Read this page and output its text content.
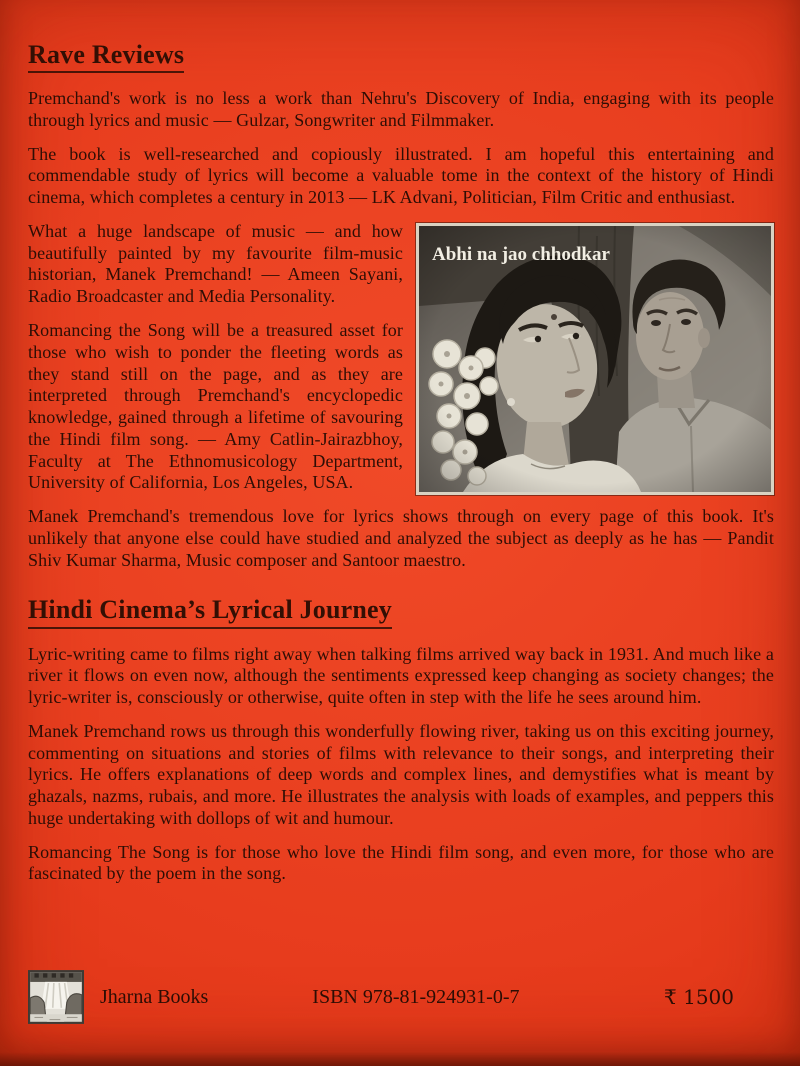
Rave Reviews

Premchand's work is no less a work than Nehru's Discovery of India, engaging with its people through lyrics and music — Gulzar, Songwriter and Filmmaker.

The book is well-researched and copiously illustrated. I am hopeful this entertaining and commendable study of lyrics will become a valuable tome in the context of the history of Hindi cinema, which completes a century in 2013 — LK Advani, Politician, Film Critic and enthusiast.

What a huge landscape of music — and how beautifully painted by my favourite film-music historian, Manek Premchand! — Ameen Sayani, Radio Broadcaster and Media Personality.

Romancing the Song will be a treasured asset for those who wish to ponder the fleeting words as they stand still on the page, and as they are interpreted through Premchand's encyclopedic knowledge, gained through a lifetime of savouring the Hindi film song. — Amy Catlin-Jairazbhoy, Faculty at The Ethnomusicology Department, University of California, Los Angeles, USA.

Abhi na jao chhodkar

Manek Premchand's tremendous love for lyrics shows through on every page of this book. It's unlikely that anyone else could have studied and analyzed the subject as deeply as he has — Pandit Shiv Kumar Sharma, Music composer and Santoor maestro.

Hindi Cinema’s Lyrical Journey

Lyric-writing came to films right away when talking films arrived way back in 1931. And much like a river it flows on even now, although the sentiments expressed keep changing as society changes; the lyric-writer is, consciously or otherwise, quite often in step with the life he sees around him.

Manek Premchand rows us through this wonderfully flowing river, taking us on this exciting journey, commenting on situations and stories of films with relevance to their songs, and interpreting their lyrics. He offers explanations of deep words and complex lines, and demystifies what is meant by ghazals, nazms, rubais, and more. He illustrates the analysis with loads of examples, and peppers this huge undertaking with dollops of wit and humour.

Romancing The Song is for those who love the Hindi film song, and even more, for those who are fascinated by the poem in the song.

Jharna Books	ISBN 978-81-924931-0-7	₹ 1500
